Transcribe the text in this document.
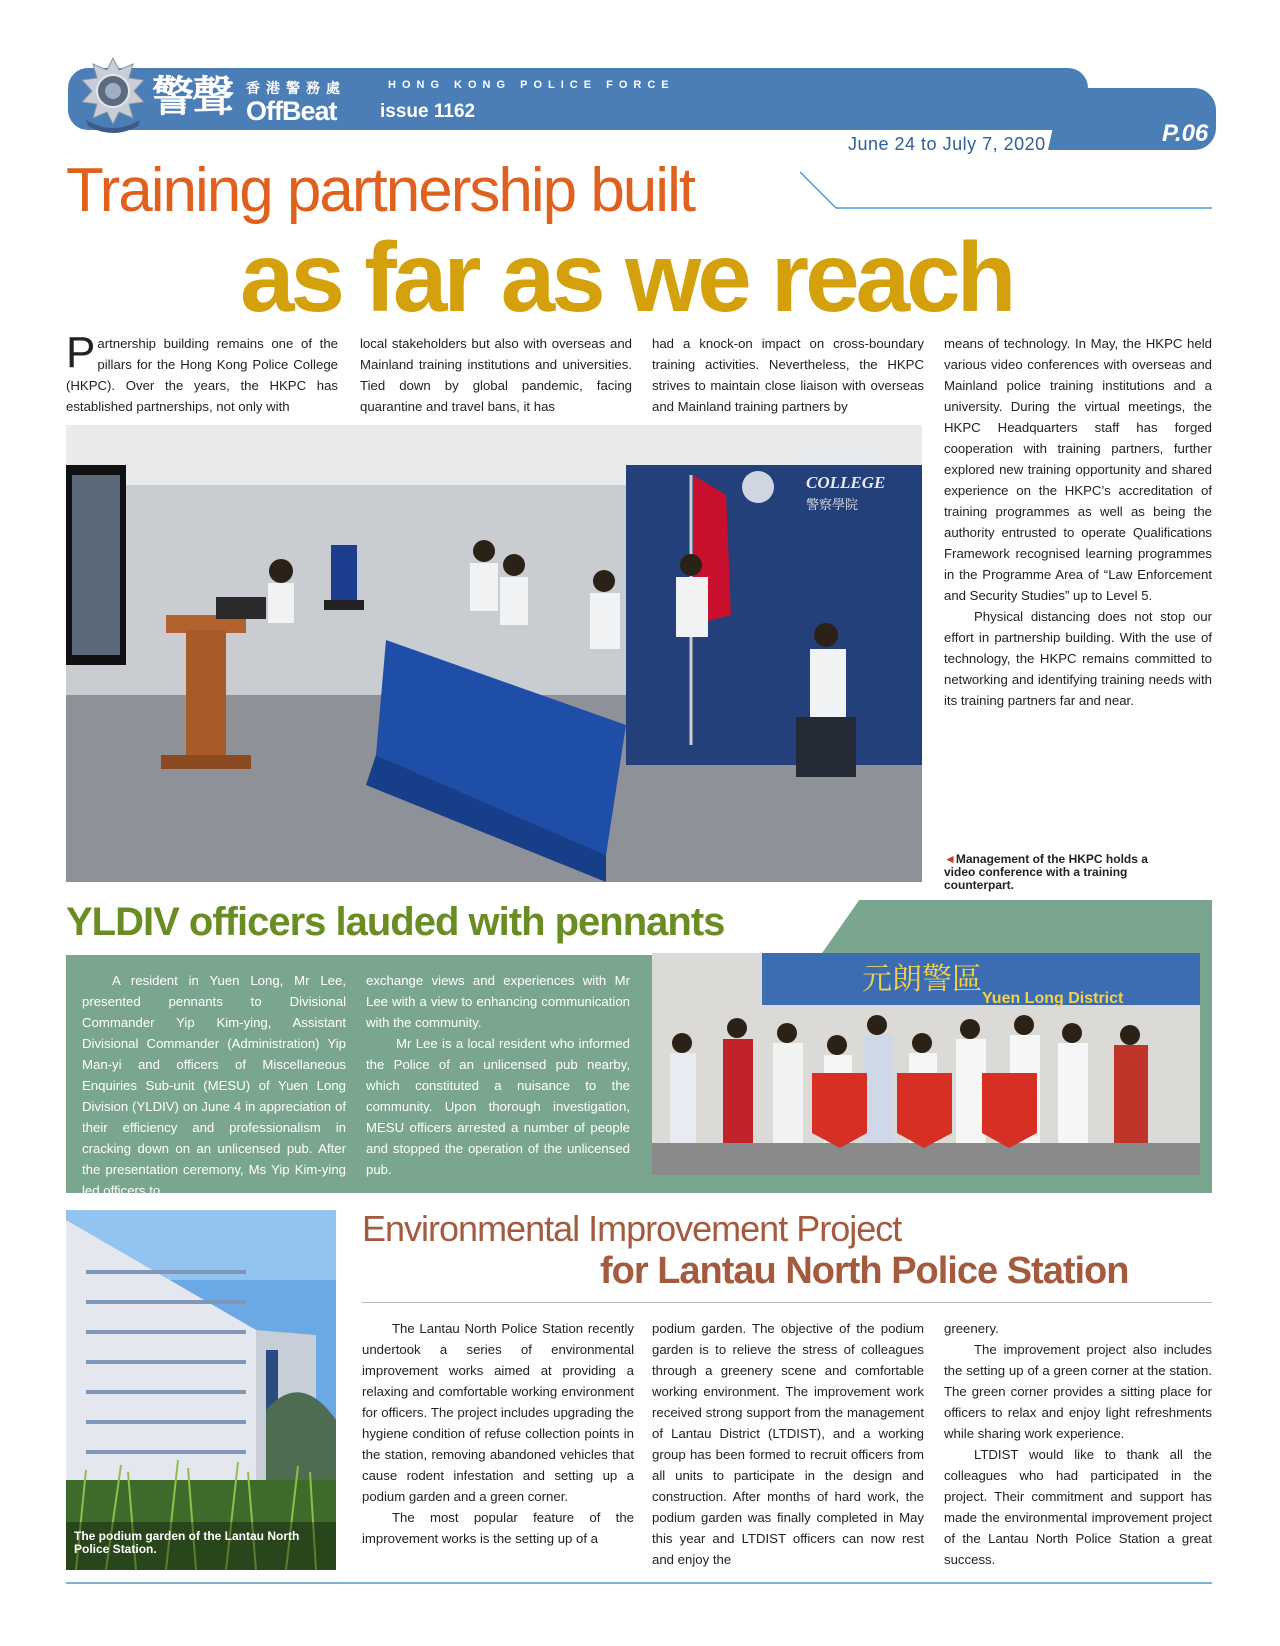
警聲 香港警務處	HONG KONG POLICE FORCE
OffBeat issue 1162
P.06
June 24 to July 7, 2020
Training partnership built
as far as we reach
Partnership building remains one of the pillars for the Hong Kong Police College (HKPC). Over the years, the HKPC has established partnerships, not only with
local stakeholders but also with overseas and Mainland training institutions and universities. Tied down by global pandemic, facing quarantine and travel bans, it has
had a knock-on impact on cross-boundary training activities. Nevertheless, the HKPC strives to maintain close liaison with overseas and Mainland training partners by

means of technology. In May, the HKPC held various video conferences with overseas and Mainland police training institutions and a university. During the virtual meetings, the HKPC Headquarters staff has forged cooperation with training partners, further explored new training opportunity and shared experience on the HKPC’s accreditation of training programmes as well as being the authority entrusted to operate Qualifications Framework recognised learning programmes in the Programme Area of “Law Enforcement and Security Studies” up to Level 5.

Physical distancing does not stop our effort in partnership building. With the use of technology, the HKPC remains committed to networking and identifying training needs with its training partners far and near.

POLICE
COLLEGE
警察學院
◄Management of the HKPC holds a video conference with a training counterpart.
YLDIV officers lauded with pennants

A resident in Yuen Long, Mr Lee, presented pennants to Divisional Commander Yip Kim-ying, Assistant Divisional Commander (Administration) Yip Man-yi and officers of Miscellaneous Enquiries Sub-unit (MESU) of Yuen Long Division (YLDIV) on June 4 in appreciation of their efficiency and professionalism in cracking down on an unlicensed pub. After the presentation ceremony, Ms Yip Kim-ying led officers to

exchange views and experiences with Mr Lee with a view to enhancing communication with the community.

Mr Lee is a local resident who informed the Police of an unlicensed pub nearby, which constituted a nuisance to the community. Upon thorough investigation, MESU officers arrested a number of people and stopped the operation of the unlicensed pub.

元朗警區
Yuen Long District
The podium garden of the Lantau North Police Station.
Environmental Improvement Project
for Lantau North Police Station

The Lantau North Police Station recently undertook a series of environmental improvement works aimed at providing a relaxing and comfortable working environment for officers. The project includes upgrading the hygiene condition of refuse collection points in the station, removing abandoned vehicles that cause rodent infestation and setting up a podium garden and a green corner.

The most popular feature of the improvement works is the setting up of a

podium garden. The objective of the podium garden is to relieve the stress of colleagues through a greenery scene and comfortable working environment. The improvement work received strong support from the management of Lantau District (LTDIST), and a working group has been formed to recruit officers from all units to participate in the design and construction. After months of hard work, the podium garden was finally completed in May this year and LTDIST officers can now rest and enjoy the

greenery.

The improvement project also includes the setting up of a green corner at the station. The green corner provides a sitting place for officers to relax and enjoy light refreshments while sharing work experience.

LTDIST would like to thank all the colleagues who had participated in the project. Their commitment and support has made the environmental improvement project of the Lantau North Police Station a great success.
